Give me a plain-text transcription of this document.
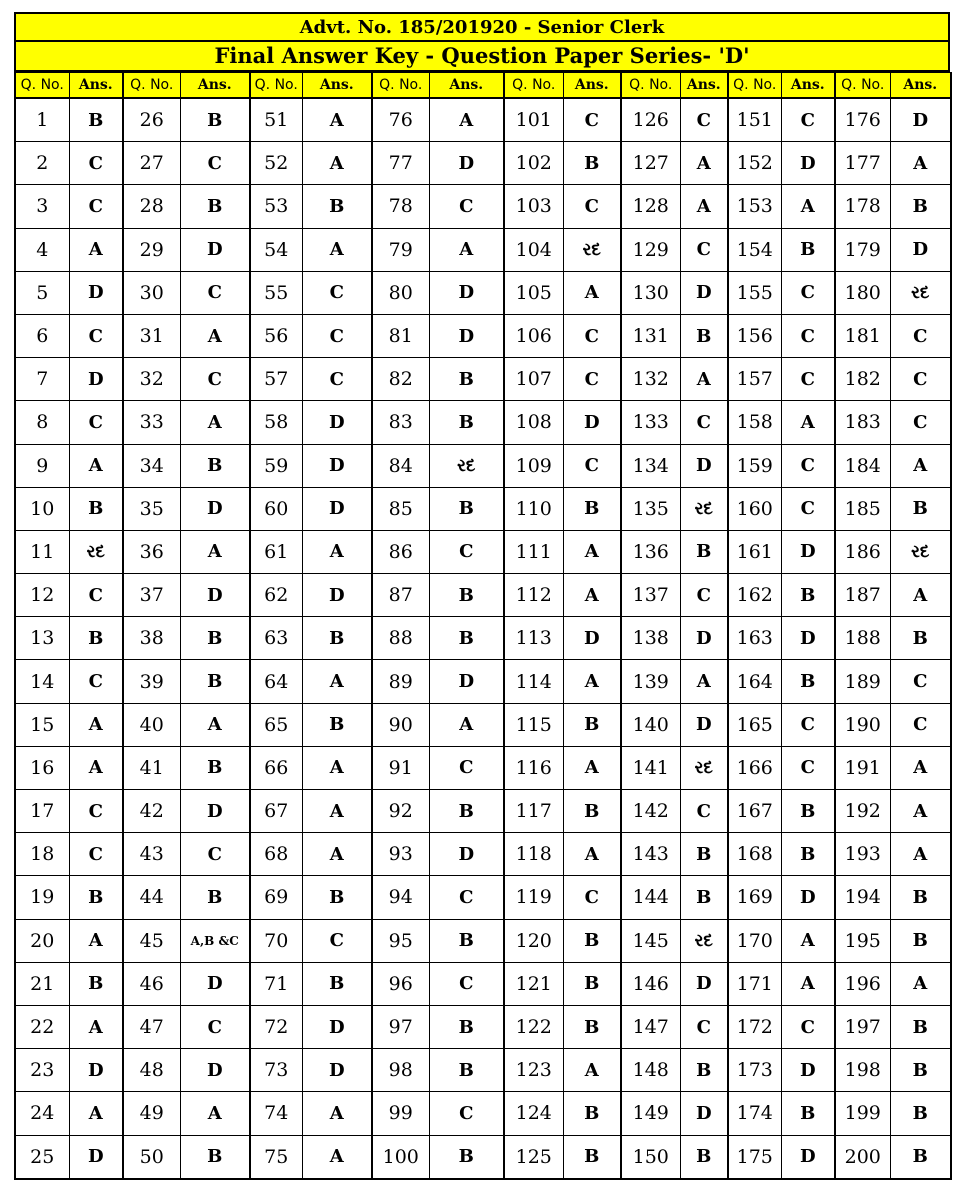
Advt. No. 185/201920 - Senior Clerk
Final Answer Key - Question Paper Series- 'D'
Q. No.	Ans.	Q. No.	Ans.	Q. No.	Ans.	Q. No.	Ans.	Q. No.	Ans.	Q. No.	Ans.	Q. No.	Ans.	Q. No.	Ans.
1	B	26	B	51	A	76	A	101	C	126	C	151	C	176	D
2	C	27	C	52	A	77	D	102	B	127	A	152	D	177	A
3	C	28	B	53	B	78	C	103	C	128	A	153	A	178	B
4	A	29	D	54	A	79	A	104	રદ	129	C	154	B	179	D
5	D	30	C	55	C	80	D	105	A	130	D	155	C	180	રદ
6	C	31	A	56	C	81	D	106	C	131	B	156	C	181	C
7	D	32	C	57	C	82	B	107	C	132	A	157	C	182	C
8	C	33	A	58	D	83	B	108	D	133	C	158	A	183	C
9	A	34	B	59	D	84	રદ	109	C	134	D	159	C	184	A
10	B	35	D	60	D	85	B	110	B	135	રદ	160	C	185	B
11	રદ	36	A	61	A	86	C	111	A	136	B	161	D	186	રદ
12	C	37	D	62	D	87	B	112	A	137	C	162	B	187	A
13	B	38	B	63	B	88	B	113	D	138	D	163	D	188	B
14	C	39	B	64	A	89	D	114	A	139	A	164	B	189	C
15	A	40	A	65	B	90	A	115	B	140	D	165	C	190	C
16	A	41	B	66	A	91	C	116	A	141	રદ	166	C	191	A
17	C	42	D	67	A	92	B	117	B	142	C	167	B	192	A
18	C	43	C	68	A	93	D	118	A	143	B	168	B	193	A
19	B	44	B	69	B	94	C	119	C	144	B	169	D	194	B
20	A	45	A,B &C	70	C	95	B	120	B	145	રદ	170	A	195	B
21	B	46	D	71	B	96	C	121	B	146	D	171	A	196	A
22	A	47	C	72	D	97	B	122	B	147	C	172	C	197	B
23	D	48	D	73	D	98	B	123	A	148	B	173	D	198	B
24	A	49	A	74	A	99	C	124	B	149	D	174	B	199	B
25	D	50	B	75	A	100	B	125	B	150	B	175	D	200	B
